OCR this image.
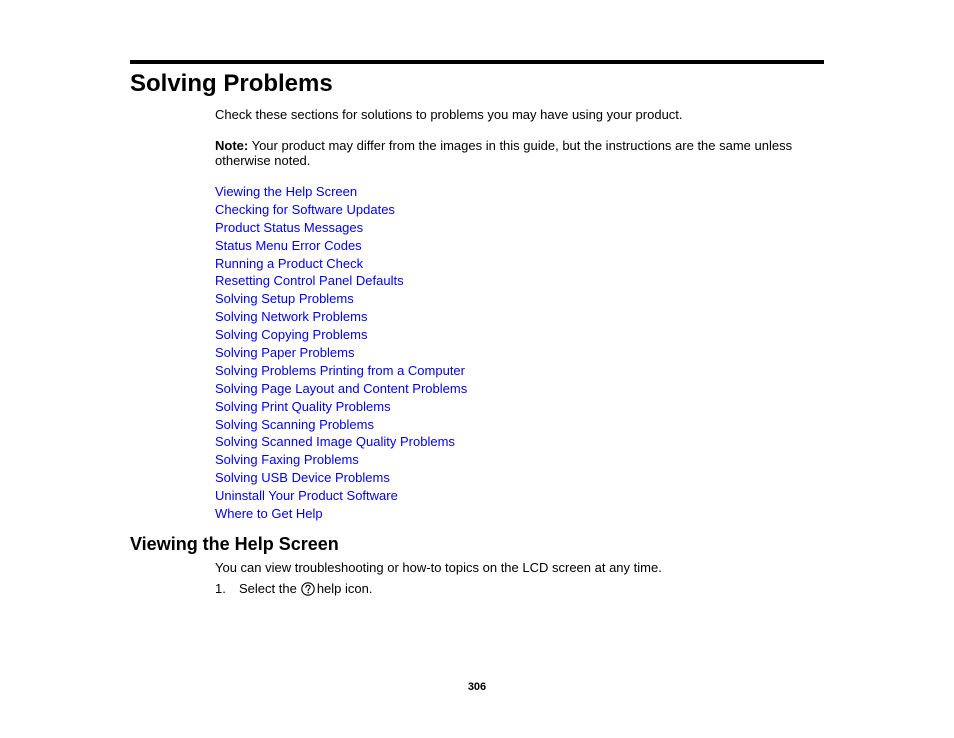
Solving Problems

Check these sections for solutions to problems you may have using your product.

Note: Your product may differ from the images in this guide, but the instructions are the same unless otherwise noted.

Viewing the Help Screen
Checking for Software Updates
Product Status Messages
Status Menu Error Codes
Running a Product Check
Resetting Control Panel Defaults
Solving Setup Problems
Solving Network Problems
Solving Copying Problems
Solving Paper Problems
Solving Problems Printing from a Computer
Solving Page Layout and Content Problems
Solving Print Quality Problems
Solving Scanning Problems
Solving Scanned Image Quality Problems
Solving Faxing Problems
Solving USB Device Problems
Uninstall Your Product Software
Where to Get Help
Viewing the Help Screen

You can view troubleshooting or how-to topics on the LCD screen at any time.

1.	Select the help icon.

306
